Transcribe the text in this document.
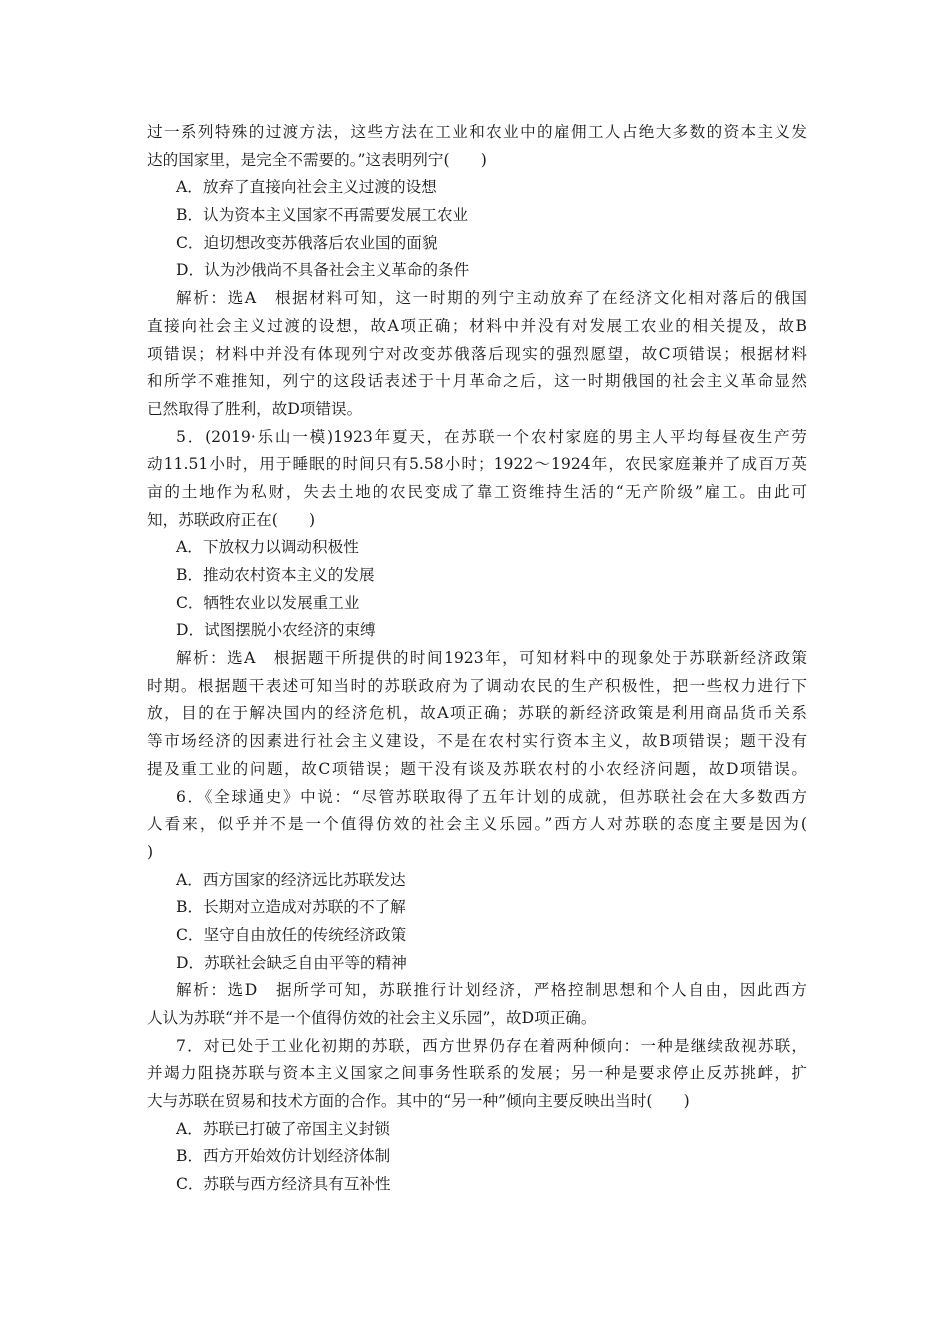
过一系列特殊的过渡方法，这些方法在工业和农业中的雇佣工人占绝大多数的资本主义发
达的国家里，是完全不需要的。”这表明列宁(　　)
A．放弃了直接向社会主义过渡的设想
B．认为资本主义国家不再需要发展工农业
C．迫切想改变苏俄落后农业国的面貌
D．认为沙俄尚不具备社会主义革命的条件
解析：选A　根据材料可知，这一时期的列宁主动放弃了在经济文化相对落后的俄国
直接向社会主义过渡的设想，故A项正确；材料中并没有对发展工农业的相关提及，故B
项错误；材料中并没有体现列宁对改变苏俄落后现实的强烈愿望，故C项错误；根据材料
和所学不难推知，列宁的这段话表述于十月革命之后，这一时期俄国的社会主义革命显然
已然取得了胜利，故D项错误。
5．(2019·乐山一模)1923年夏天，在苏联一个农村家庭的男主人平均每昼夜生产劳
动11.51小时，用于睡眠的时间只有5.58小时；1922～1924年，农民家庭兼并了成百万英
亩的土地作为私财，失去土地的农民变成了靠工资维持生活的“无产阶级”雇工。由此可
知，苏联政府正在(　　)
A．下放权力以调动积极性
B．推动农村资本主义的发展
C．牺牲农业以发展重工业
D．试图摆脱小农经济的束缚
解析：选A　根据题干所提供的时间1923年，可知材料中的现象处于苏联新经济政策
时期。根据题干表述可知当时的苏联政府为了调动农民的生产积极性，把一些权力进行下
放，目的在于解决国内的经济危机，故A项正确；苏联的新经济政策是利用商品货币关系
等市场经济的因素进行社会主义建设，不是在农村实行资本主义，故B项错误；题干没有
提及重工业的问题，故C项错误；题干没有谈及苏联农村的小农经济问题，故D项错误。
6．《全球通史》中说：“尽管苏联取得了五年计划的成就，但苏联社会在大多数西方
人看来，似乎并不是一个值得仿效的社会主义乐园。”西方人对苏联的态度主要是因为(
)
A．西方国家的经济远比苏联发达
B．长期对立造成对苏联的不了解
C．坚守自由放任的传统经济政策
D．苏联社会缺乏自由平等的精神
解析：选D　据所学可知，苏联推行计划经济，严格控制思想和个人自由，因此西方
人认为苏联“并不是一个值得仿效的社会主义乐园”，故D项正确。
7．对已处于工业化初期的苏联，西方世界仍存在着两种倾向：一种是继续敌视苏联，
并竭力阻挠苏联与资本主义国家之间事务性联系的发展；另一种是要求停止反苏挑衅，扩
大与苏联在贸易和技术方面的合作。其中的“另一种”倾向主要反映出当时(　　)
A．苏联已打破了帝国主义封锁
B．西方开始效仿计划经济体制
C．苏联与西方经济具有互补性
